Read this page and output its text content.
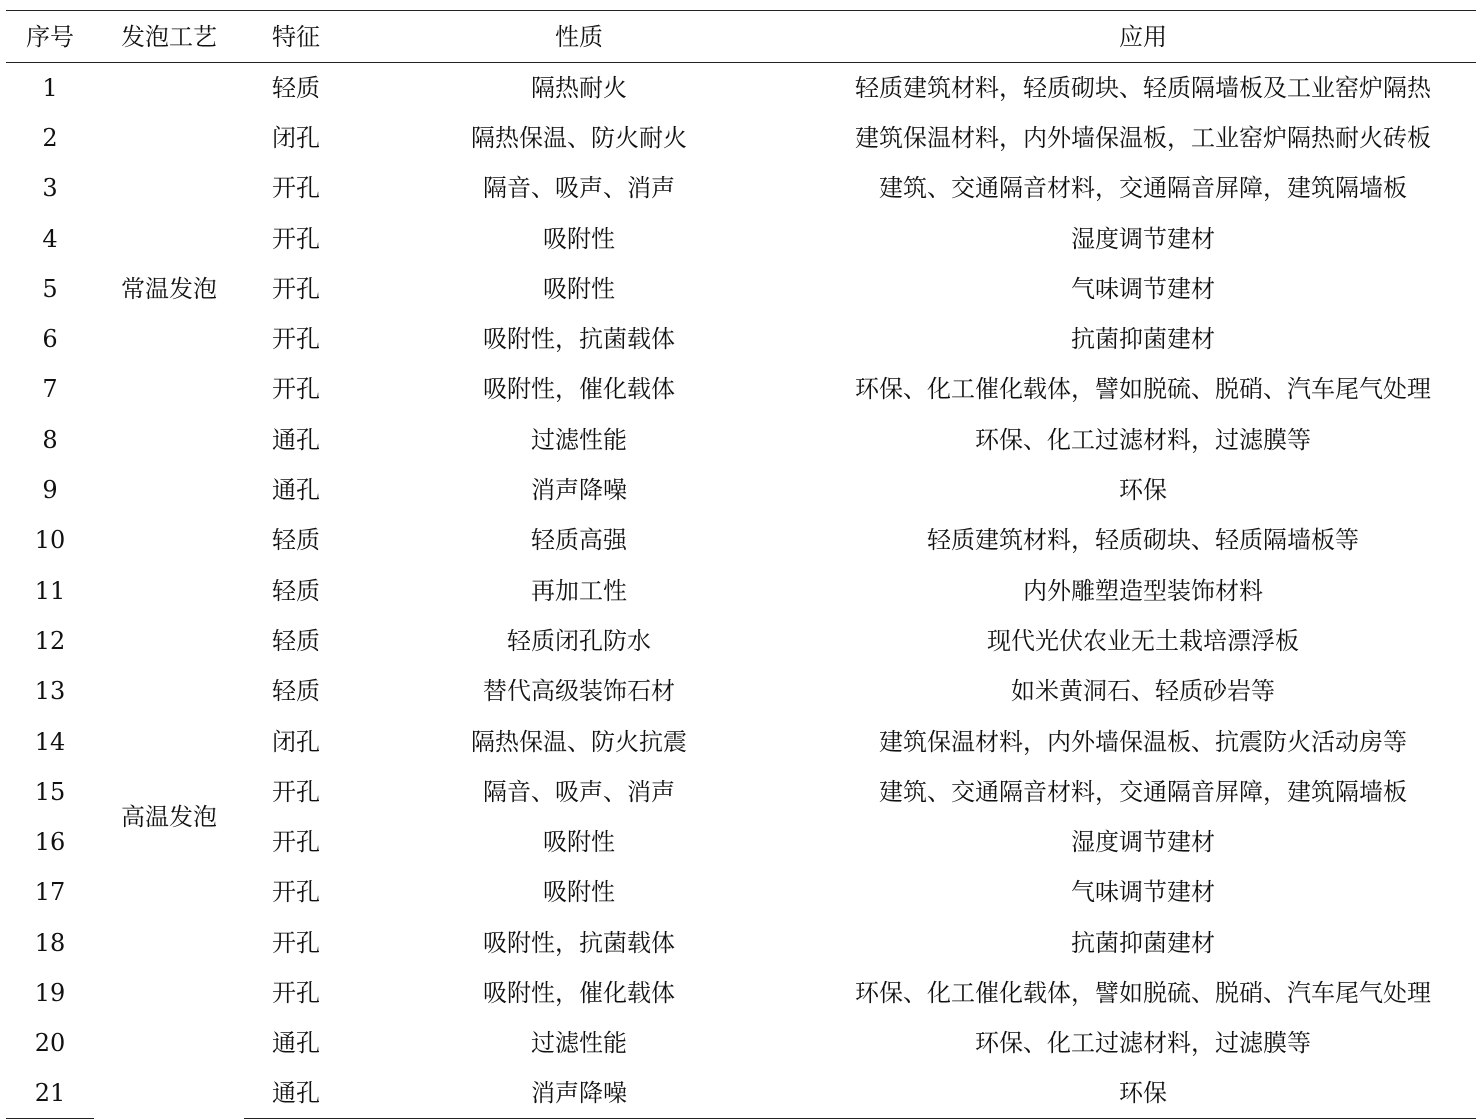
序号	发泡工艺	特征	性质	应用
1	常温发泡	轻质	隔热耐火	轻质建筑材料，轻质砌块、轻质隔墙板及工业窑炉隔热
2		闭孔	隔热保温、防火耐火	建筑保温材料，内外墙保温板，工业窑炉隔热耐火砖板
3		开孔	隔音、吸声、消声	建筑、交通隔音材料，交通隔音屏障，建筑隔墙板
4		开孔	吸附性	湿度调节建材
5		开孔	吸附性	气味调节建材
6		开孔	吸附性，抗菌载体	抗菌抑菌建材
7		开孔	吸附性，催化载体	环保、化工催化载体，譬如脱硫、脱硝、汽车尾气处理
8		通孔	过滤性能	环保、化工过滤材料，过滤膜等
9		通孔	消声降噪	环保
10	高温发泡	轻质	轻质高强	轻质建筑材料，轻质砌块、轻质隔墙板等
11		轻质	再加工性	内外雕塑造型装饰材料
12		轻质	轻质闭孔防水	现代光伏农业无土栽培漂浮板
13		轻质	替代高级装饰石材	如米黄洞石、轻质砂岩等
14		闭孔	隔热保温、防火抗震	建筑保温材料，内外墙保温板、抗震防火活动房等
15		开孔	隔音、吸声、消声	建筑、交通隔音材料，交通隔音屏障，建筑隔墙板
16		开孔	吸附性	湿度调节建材
17		开孔	吸附性	气味调节建材
18		开孔	吸附性，抗菌载体	抗菌抑菌建材
19		开孔	吸附性，催化载体	环保、化工催化载体，譬如脱硫、脱硝、汽车尾气处理
20		通孔	过滤性能	环保、化工过滤材料，过滤膜等
21		通孔	消声降噪	环保
